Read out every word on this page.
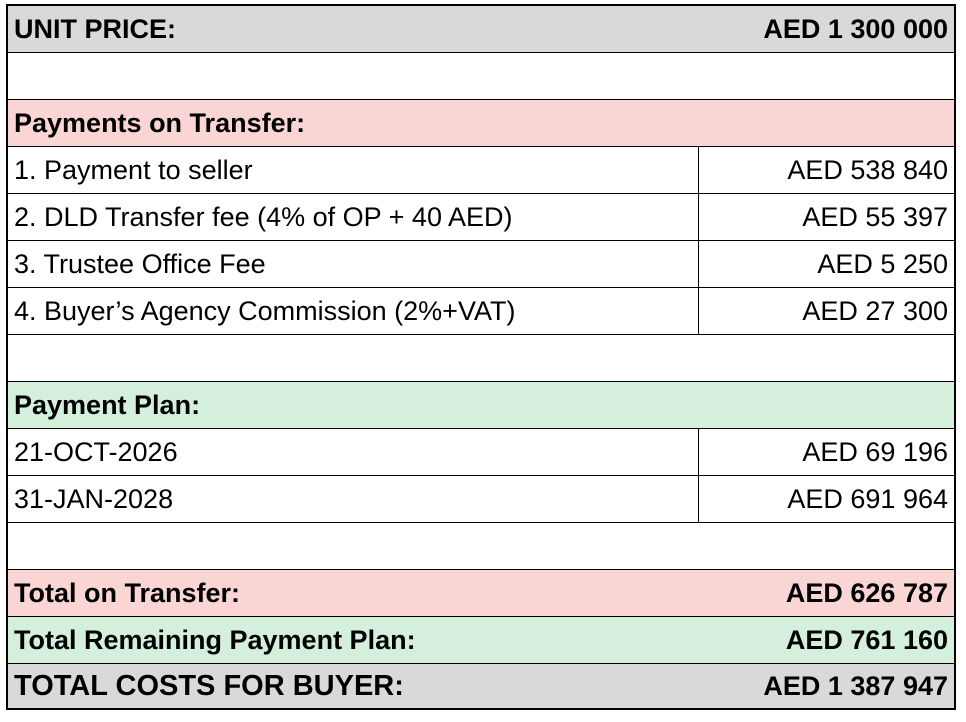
UNIT PRICE:	AED 1 300 000
Payments on Transfer:
1. Payment to seller	AED 538 840
2. DLD Transfer fee (4% of OP + 40 AED)	AED 55 397
3. Trustee Office Fee	AED 5 250
4. Buyer’s Agency Commission (2%+VAT)	AED 27 300
Payment Plan:
21-OCT-2026	AED 69 196
31-JAN-2028	AED 691 964
Total on Transfer:	AED 626 787
Total Remaining Payment Plan:	AED 761 160
TOTAL COSTS FOR BUYER:	AED 1 387 947
